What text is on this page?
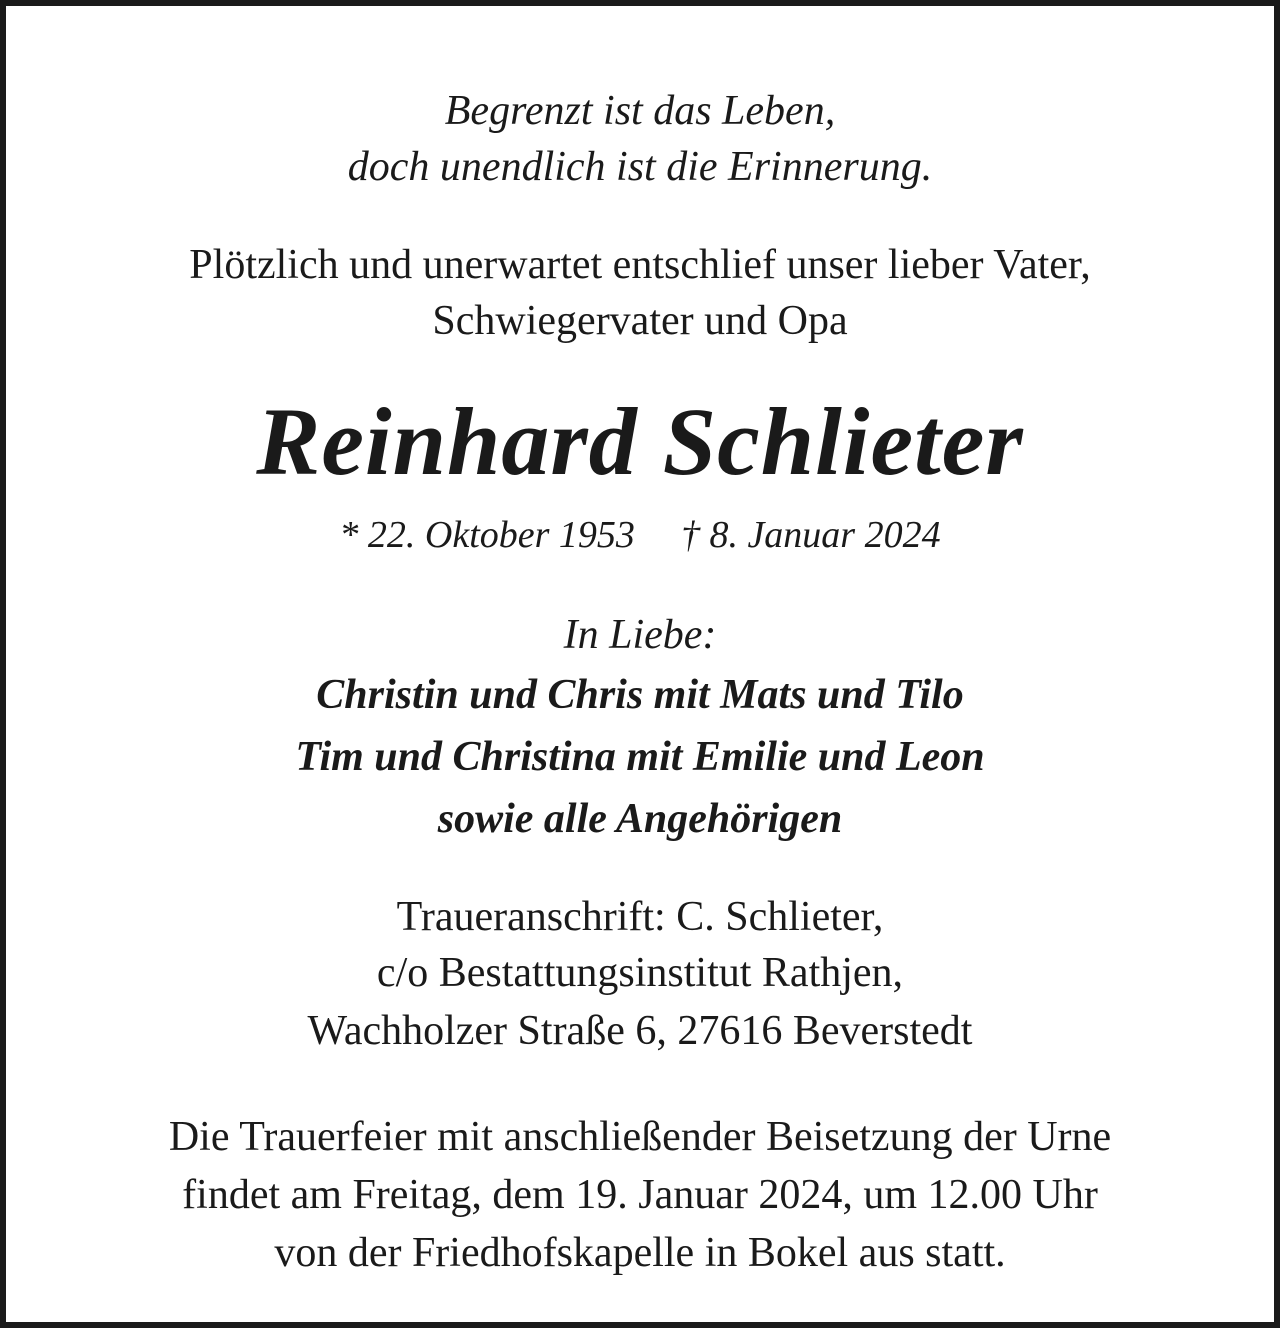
Begrenzt ist das Leben,
doch unendlich ist die Erinnerung.
Plötzlich und unerwartet entschlief unser lieber Vater,
Schwiegervater und Opa
Reinhard Schlieter
* 22. Oktober 1953 † 8. Januar 2024
In Liebe:
Christin und Chris mit Mats und Tilo
Tim und Christina mit Emilie und Leon
sowie alle Angehörigen
Traueranschrift: C. Schlieter,
c/o Bestattungsinstitut Rathjen,
Wachholzer Straße 6, 27616 Beverstedt
Die Trauerfeier mit anschließender Beisetzung der Urne
findet am Freitag, dem 19. Januar 2024, um 12.00 Uhr
von der Friedhofskapelle in Bokel aus statt.
